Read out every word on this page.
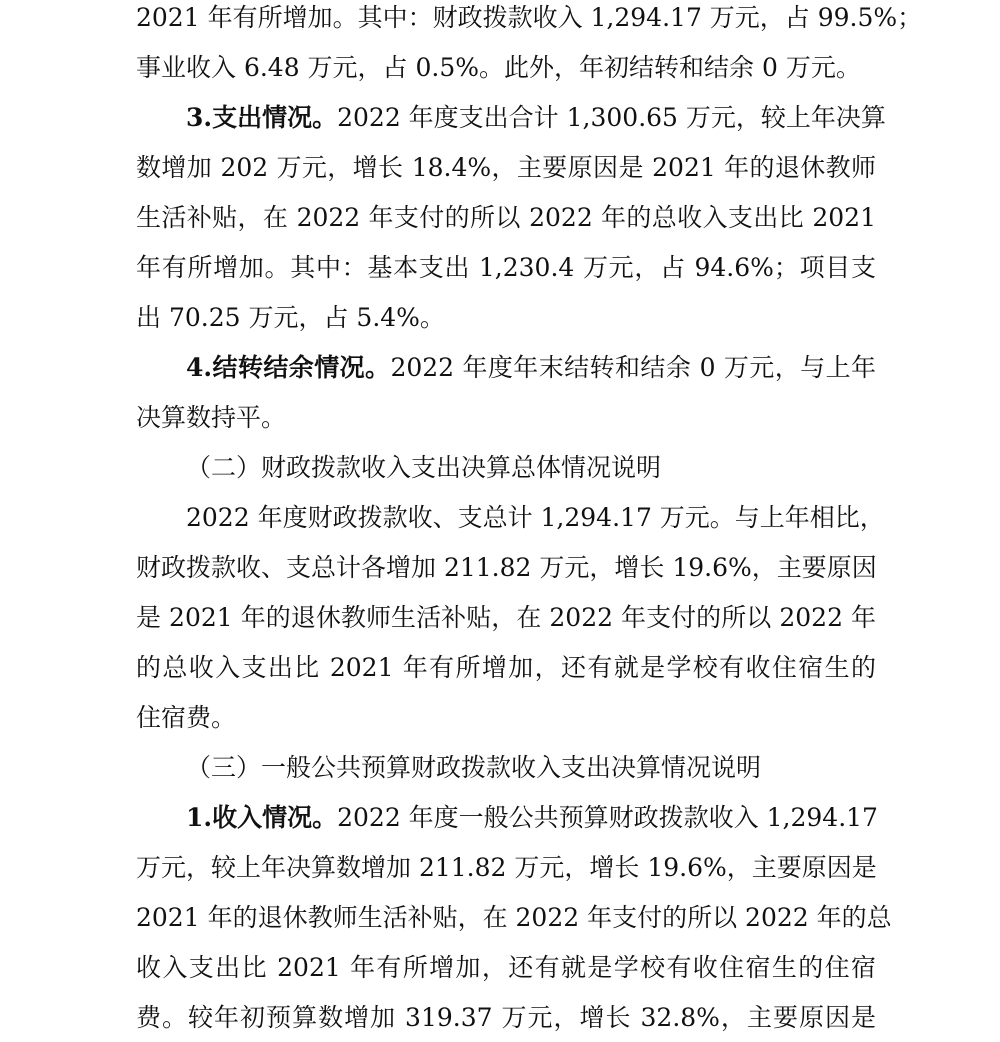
2021 年有所增加。其中：财政拨款收入 1,294.17 万元，占 99.5%；
事业收入 6.48 万元，占 0.5%。此外，年初结转和结余 0 万元。
3.支出情况。2022 年度支出合计 1,300.65 万元，较上年决算
数增加 202 万元，增长 18.4%，主要原因是 2021 年的退休教师
生活补贴，在 2022 年支付的所以 2022 年的总收入支出比 2021
年有所增加。其中：基本支出 1,230.4 万元，占 94.6%；项目支
出 70.25 万元，占 5.4%。
4.结转结余情况。2022 年度年末结转和结余 0 万元，与上年
决算数持平。
（二）财政拨款收入支出决算总体情况说明
2022 年度财政拨款收、支总计 1,294.17 万元。与上年相比，
财政拨款收、支总计各增加 211.82 万元，增长 19.6%，主要原因
是 2021 年的退休教师生活补贴，在 2022 年支付的所以 2022 年
的总收入支出比 2021 年有所增加，还有就是学校有收住宿生的
住宿费。
（三）一般公共预算财政拨款收入支出决算情况说明
1.收入情况。2022 年度一般公共预算财政拨款收入 1,294.17
万元，较上年决算数增加 211.82 万元，增长 19.6%，主要原因是
2021 年的退休教师生活补贴，在 2022 年支付的所以 2022 年的总
收入支出比 2021 年有所增加，还有就是学校有收住宿生的住宿
费。较年初预算数增加 319.37 万元，增长 32.8%，主要原因是
